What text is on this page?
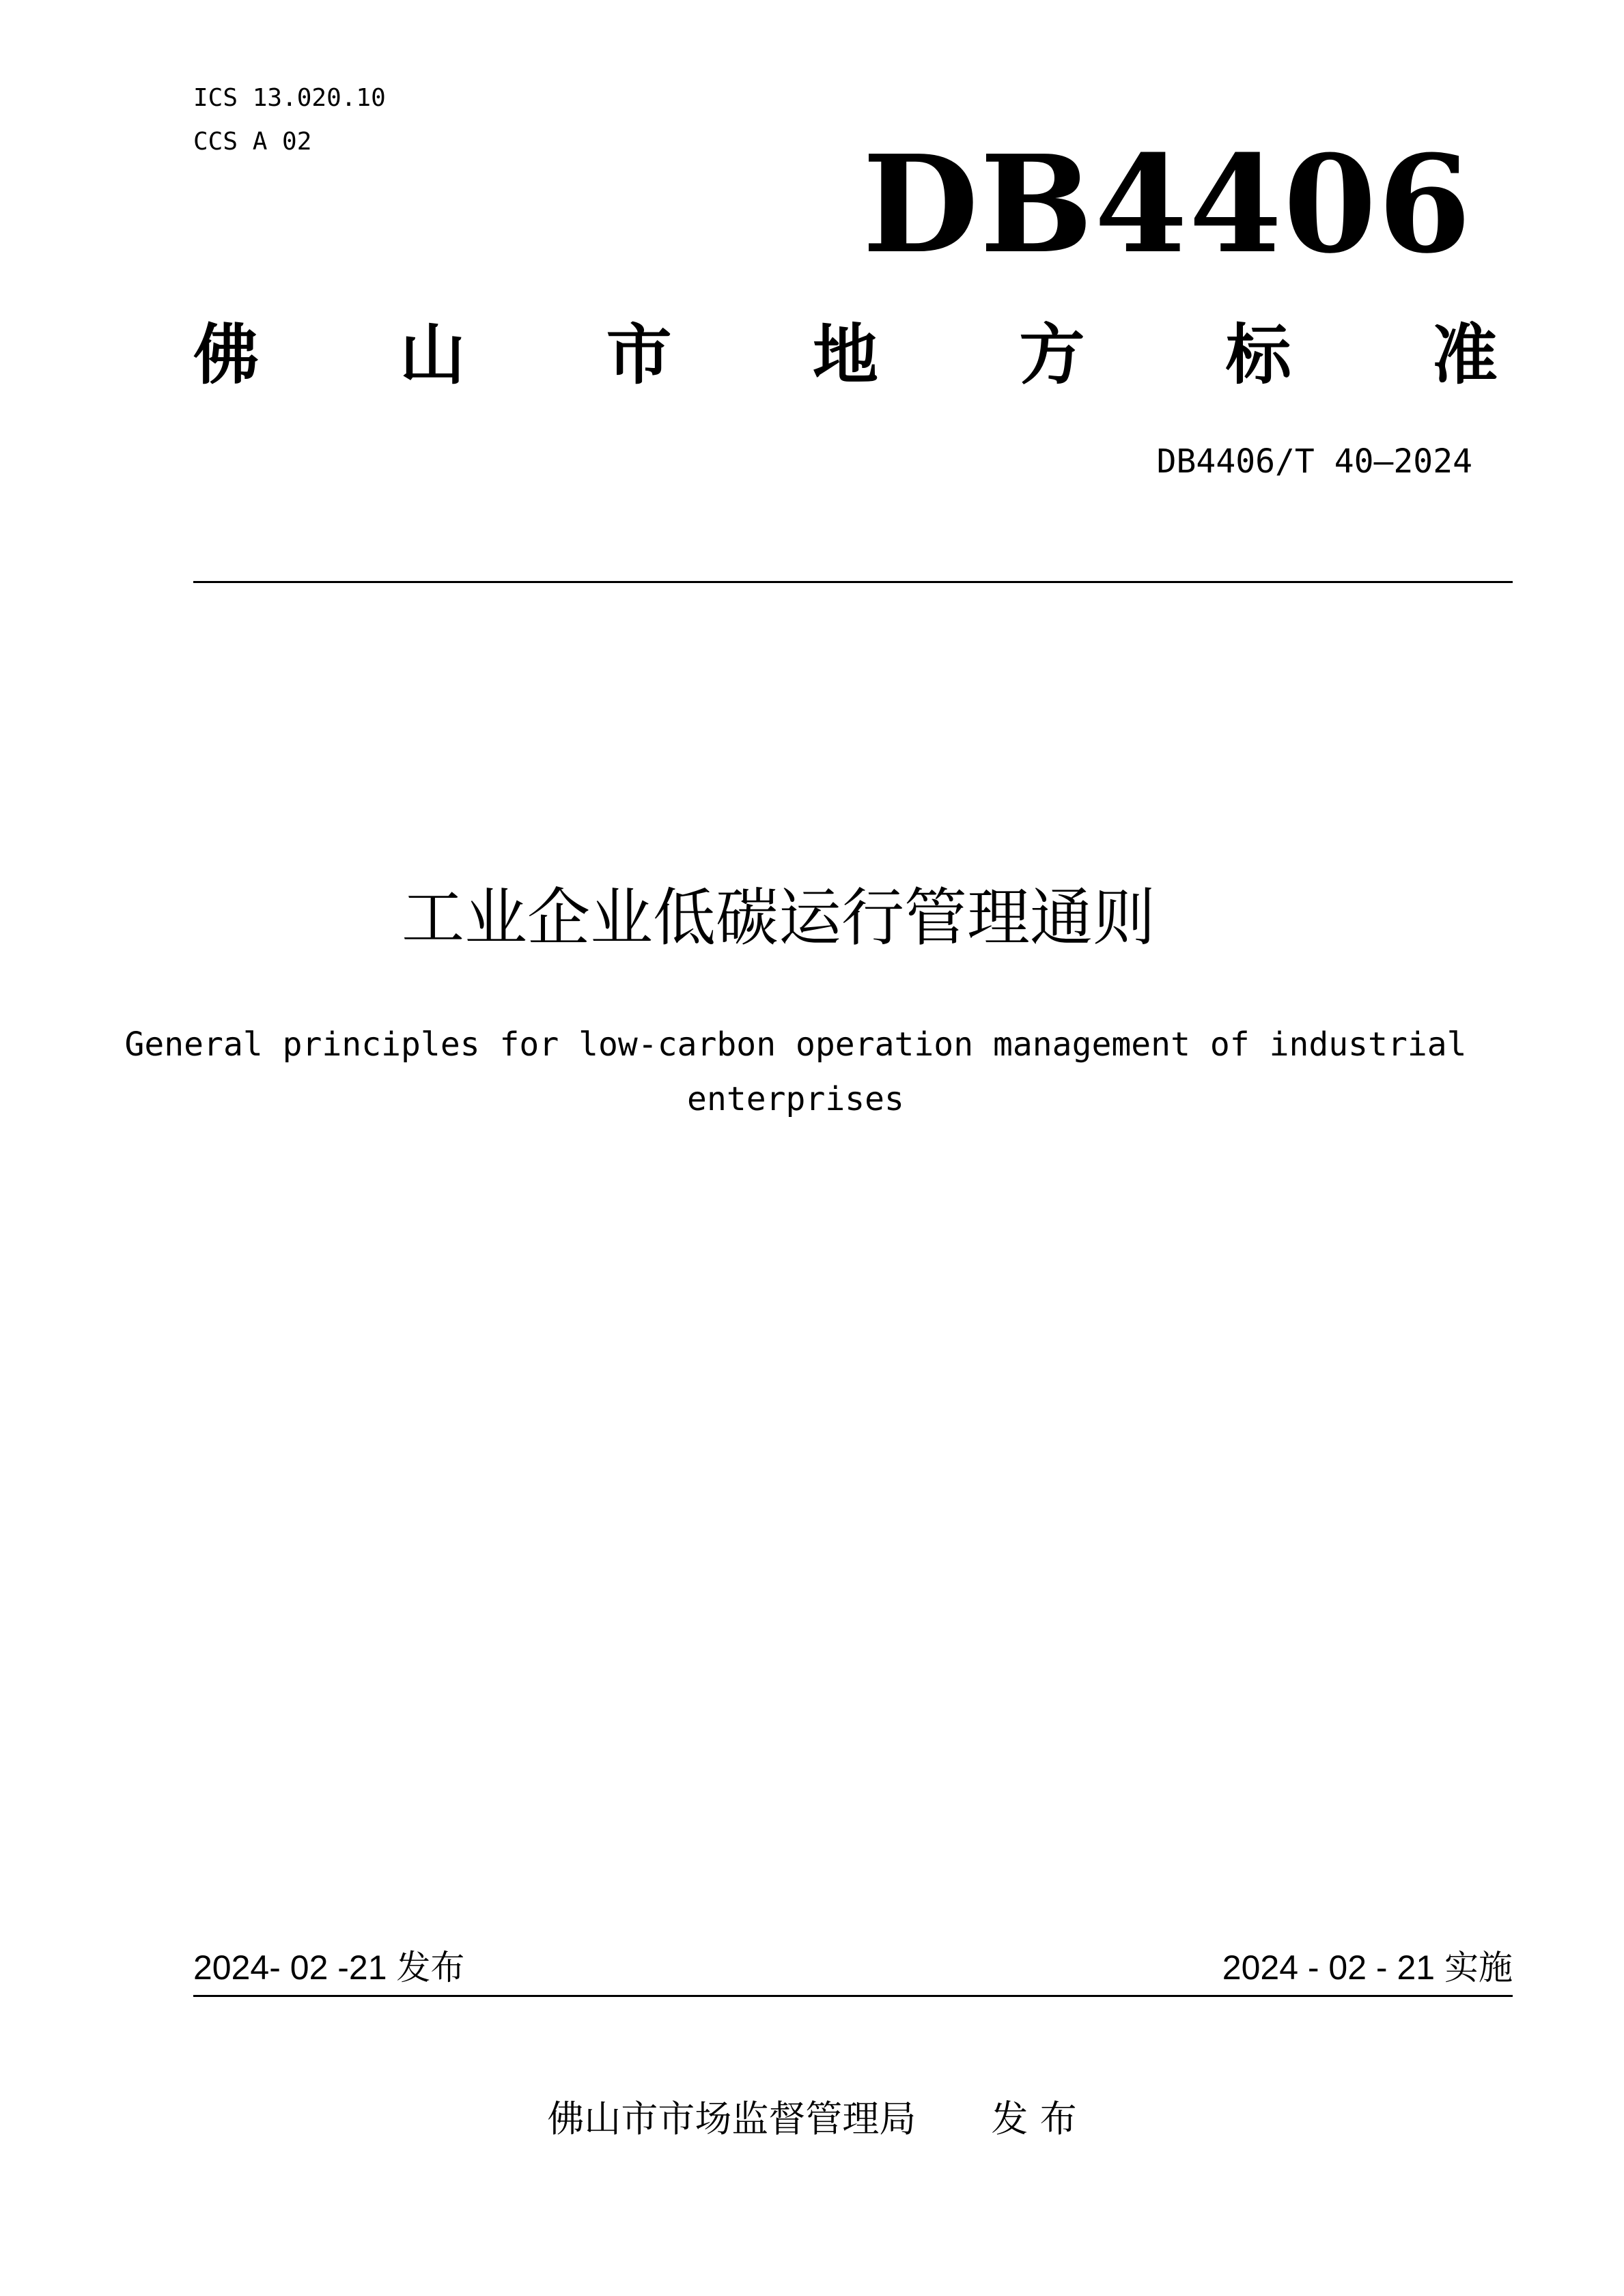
ICS 13.020.10
CCS A 02	DB4406
佛 山 市 地 方 标 准
DB4406/T 40—2024
工业企业低碳运行管理通则
General principles for low-carbon operation management of industrial
enterprises
2024- 02 -21 发布	2024 - 02 - 21 实施
佛山市市场监督管理局 发 布
